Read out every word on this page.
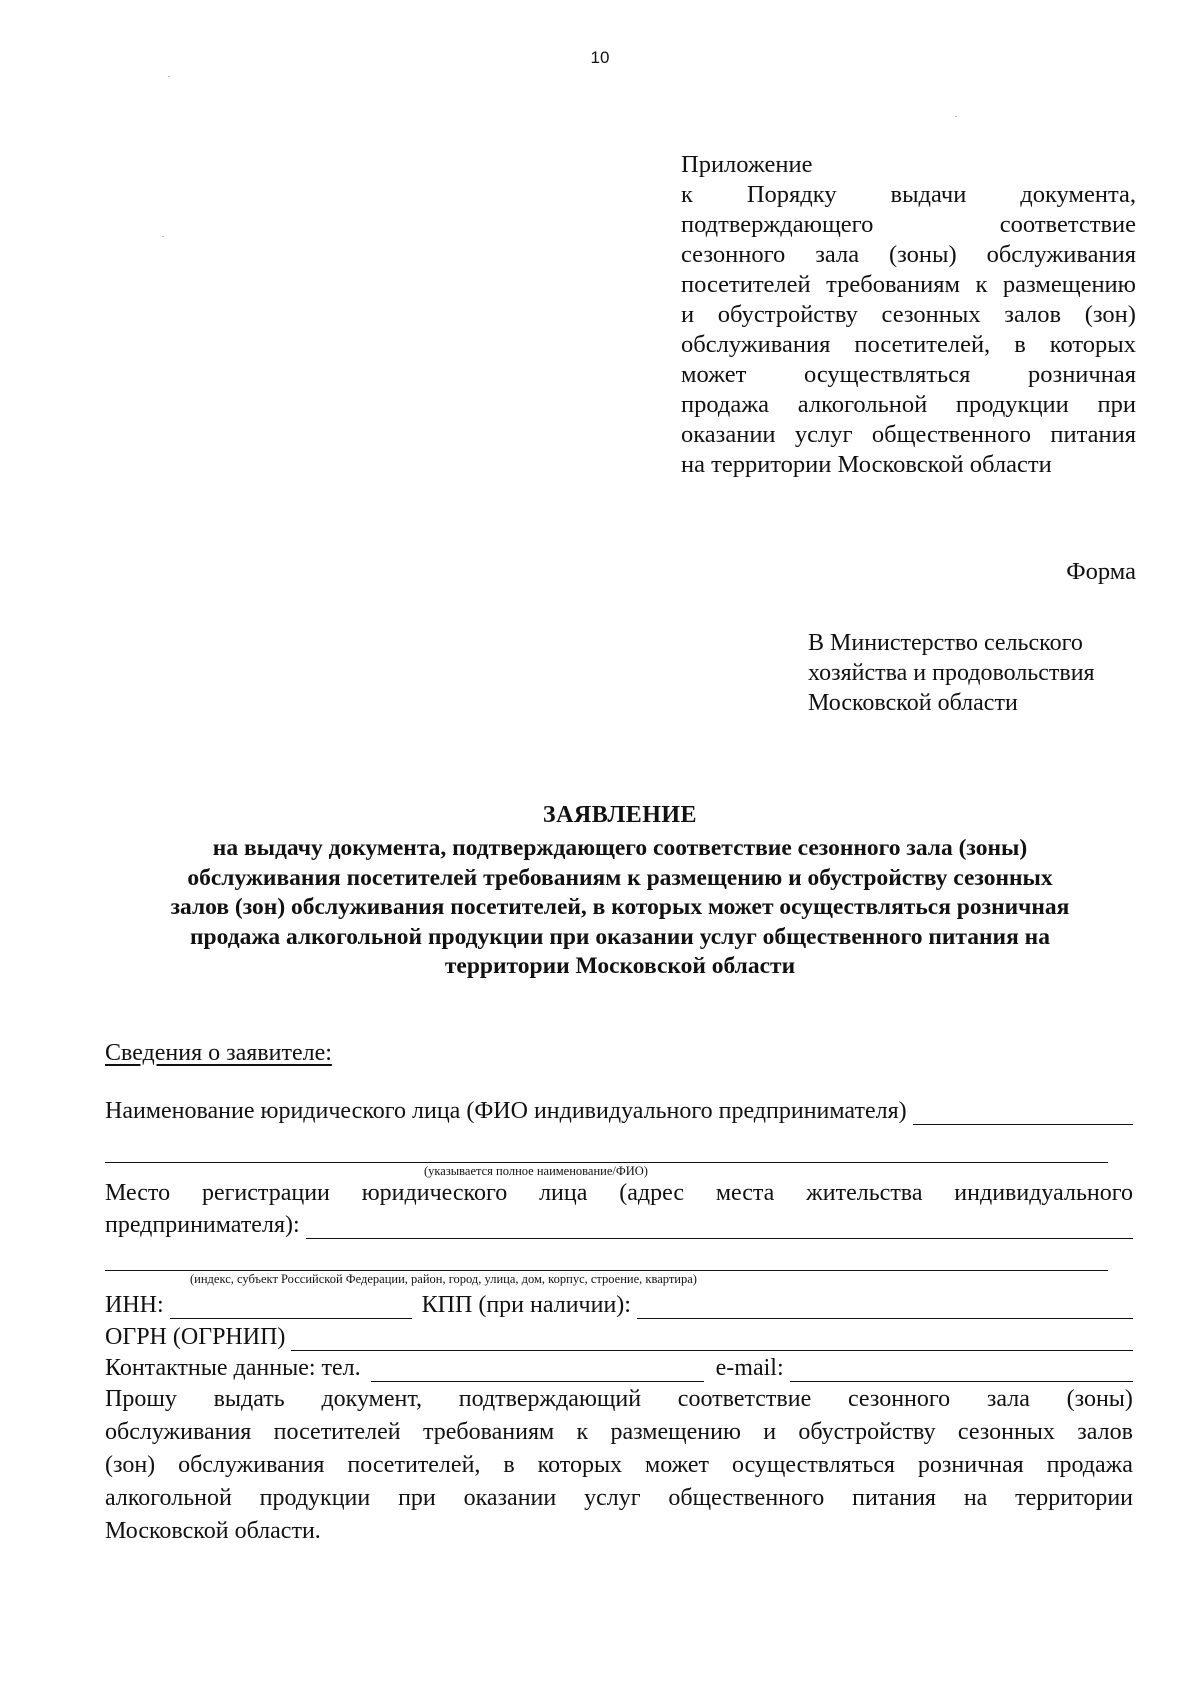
10
Приложение
к Порядку выдачи документа,
подтверждающего	соответствие
сезонного зала (зоны) обслуживания
посетителей требованиям к размещению
и обустройству сезонных залов (зон)
обслуживания посетителей, в которых
может осуществляться розничная
продажа алкогольной продукции при
оказании услуг общественного питания
на территории Московской области
Форма
В Министерство сельского
хозяйства и продовольствия
Московской области
ЗАЯВЛЕНИЕ
на выдачу документа, подтверждающего соответствие сезонного зала (зоны)
обслуживания посетителей требованиям к размещению и обустройству сезонных
залов (зон) обслуживания посетителей, в которых может осуществляться розничная
продажа алкогольной продукции при оказании услуг общественного питания на
территории Московской области
Сведения о заявителе:
Наименование юридического лица (ФИО индивидуального предпринимателя)
(указывается полное наименование/ФИО)
Место регистрации юридического лица (адрес места жительства индивидуального
предпринимателя):
(индекс, субъект Российской Федерации, район, город, улица, дом, корпус, строение, квартира)
ИНН:	КПП (при наличии):
ОГРН (ОГРНИП)
Контактные данные: тел.	e-mail:
Прошу выдать документ, подтверждающий соответствие сезонного зала (зоны)
обслуживания посетителей требованиям к размещению и обустройству сезонных залов
(зон) обслуживания посетителей, в которых может осуществляться розничная продажа
алкогольной продукции при оказании услуг общественного питания на территории
Московской области.
